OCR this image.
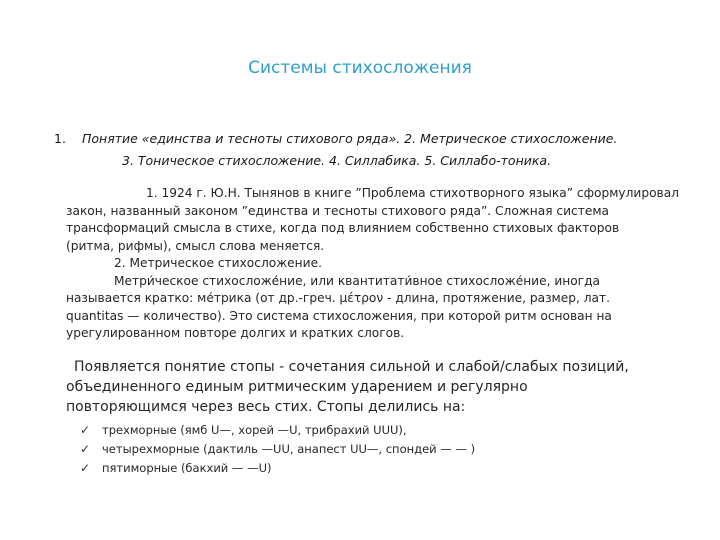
Системы стихосложения
1. Понятие «единства и тесноты стихового ряда». 2. Метрическое стихосложение.
3. Тоническое стихосложение. 4. Силлабика. 5. Силлабо-тоника.
1. 1924 г. Ю.Н. Тынянов в книге ”Проблема стихотворного языка” сформулировал
закон, названный законом ”единства и тесноты стихового ряда”. Сложная система
трансформаций смысла в стихе, когда под влиянием собственно стиховых факторов
(ритма, рифмы), смысл слова меняется.
2. Метрическое стихосложение.
Метри́ческое стихосложе́ние, или квантитати́вное стихосложе́ние, иногда
называется кратко: ме́трика (от др.-греч. μέτρον - длина, протяжение, размер, лат.
quantitas — количество). Это система стихосложения, при которой ритм основан на
урегулированном повторе долгих и кратких слогов.
Появляется понятие стопы - сочетания сильной и слабой/слабых позиций,
объединенного единым ритмическим ударением и регулярно
повторяющимся через весь стих. Стопы делились на:
✓	трехморные (ямб U—, хорей —U, трибрахий UUU),
✓	четырехморные (дактиль —UU, анапест UU—, спондей — — )
✓	пятиморные (бакхий — —U)
